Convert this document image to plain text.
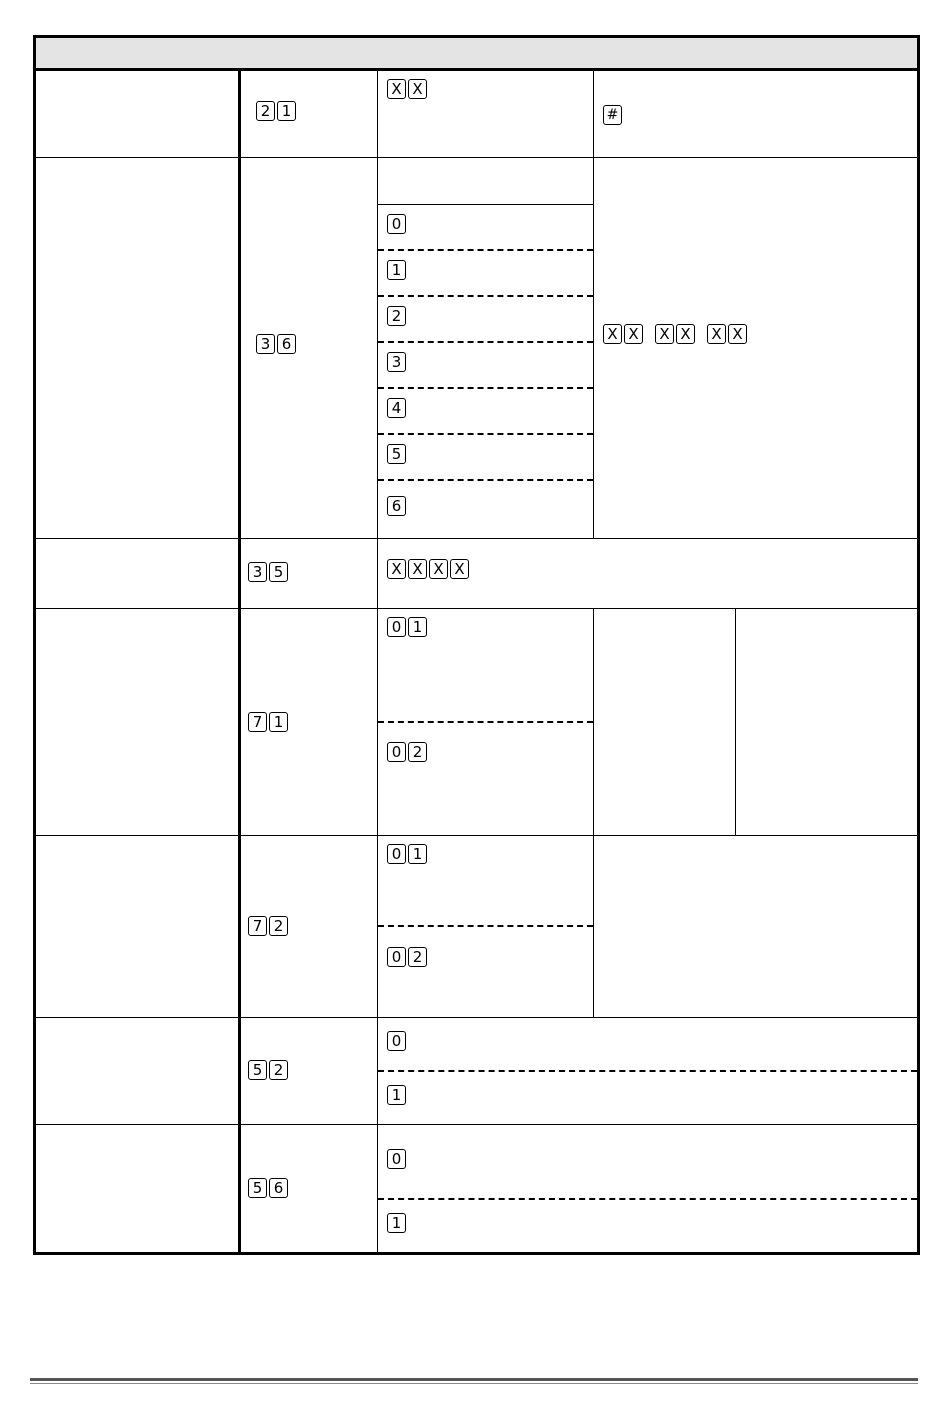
2 1
X X
#
3 6
0
1
2
3
4
5
6
X X X X X X
3 5	X X X X
7 1
0 1
0 2
7 2
0 1
0 2
5 2
0
1
5 6
0
1
